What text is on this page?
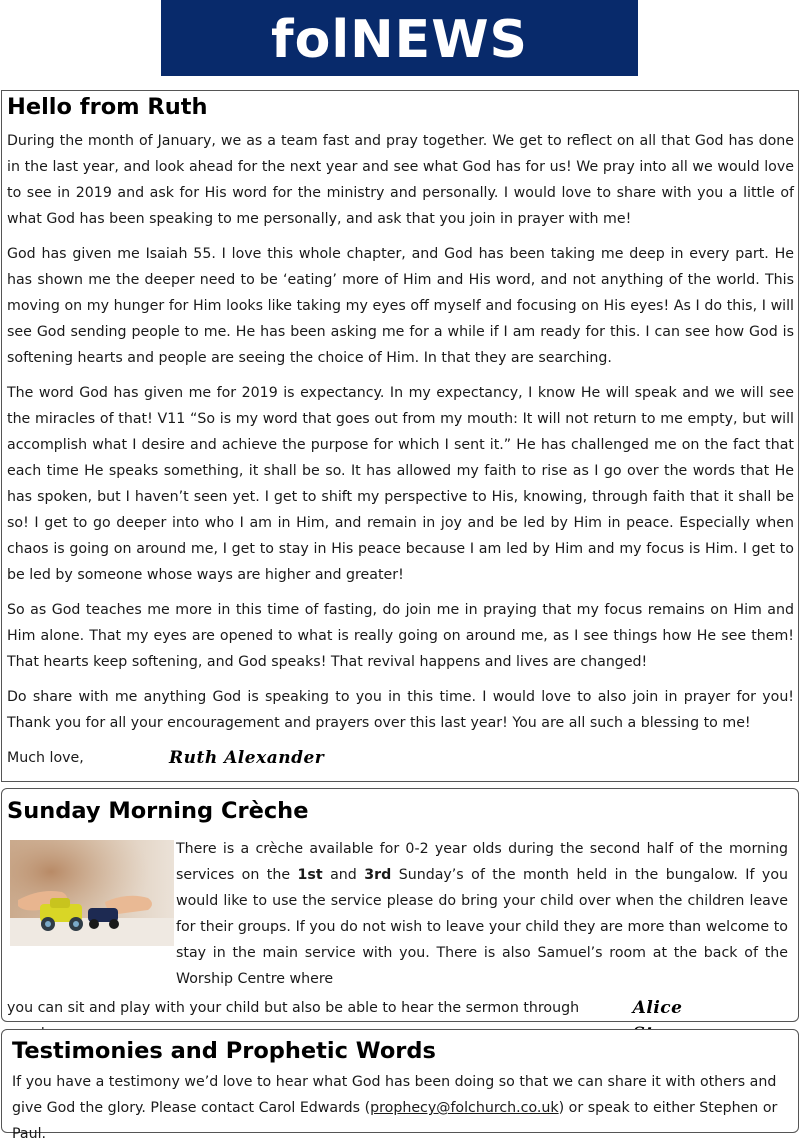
folNEWS
Hello from Ruth

During the month of January, we as a team fast and pray together. We get to reflect on all that God has done in the last year, and look ahead for the next year and see what God has for us! We pray into all we would love to see in 2019 and ask for His word for the ministry and personally. I would love to share with you a little of what God has been speaking to me personally, and ask that you join in prayer with me!

God has given me Isaiah 55. I love this whole chapter, and God has been taking me deep in every part. He has shown me the deeper need to be ‘eating’ more of Him and His word, and not anything of the world. This moving on my hunger for Him looks like taking my eyes off myself and focusing on His eyes! As I do this, I will see God sending people to me. He has been asking me for a while if I am ready for this. I can see how God is softening hearts and people are seeing the choice of Him. In that they are searching.

The word God has given me for 2019 is expectancy. In my expectancy, I know He will speak and we will see the miracles of that! V11 “So is my word that goes out from my mouth: It will not return to me empty, but will accomplish what I desire and achieve the purpose for which I sent it.” He has challenged me on the fact that each time He speaks something, it shall be so. It has allowed my faith to rise as I go over the words that He has spoken, but I haven’t seen yet. I get to shift my perspective to His, knowing, through faith that it shall be so! I get to go deeper into who I am in Him, and remain in joy and be led by Him in peace. Especially when chaos is going on around me, I get to stay in His peace because I am led by Him and my focus is Him. I get to be led by someone whose ways are higher and greater!

So as God teaches me more in this time of fasting, do join me in praying that my focus remains on Him and Him alone. That my eyes are opened to what is really going on around me, as I see things how He see them! That hearts keep softening, and God speaks! That revival happens and lives are changed!

Do share with me anything God is speaking to you in this time. I would love to also join in prayer for you! Thank you for all your encouragement and prayers over this last year! You are all such a blessing to me!

Much love,	Ruth Alexander
Sunday Morning Crèche
There is a crèche available for 0-2 year olds during the second half of the morning services on the 1st and 3rd Sunday’s of the month held in the bungalow. If you would like to use the service please do bring your child over when the children leave for their groups. If you do not wish to leave your child they are more than welcome to stay in the main service with you. There is also Samuel’s room at the back of the Worship Centre where
you can sit and play with your child but also be able to hear the sermon through	Alice
Testimonies and Prophetic Words

If you have a testimony we’d love to hear what God has been doing so that we can share it with others and give God the glory. Please contact Carol Edwards (prophecy@folchurch.co.uk) or speak to either Stephen or Paul.
